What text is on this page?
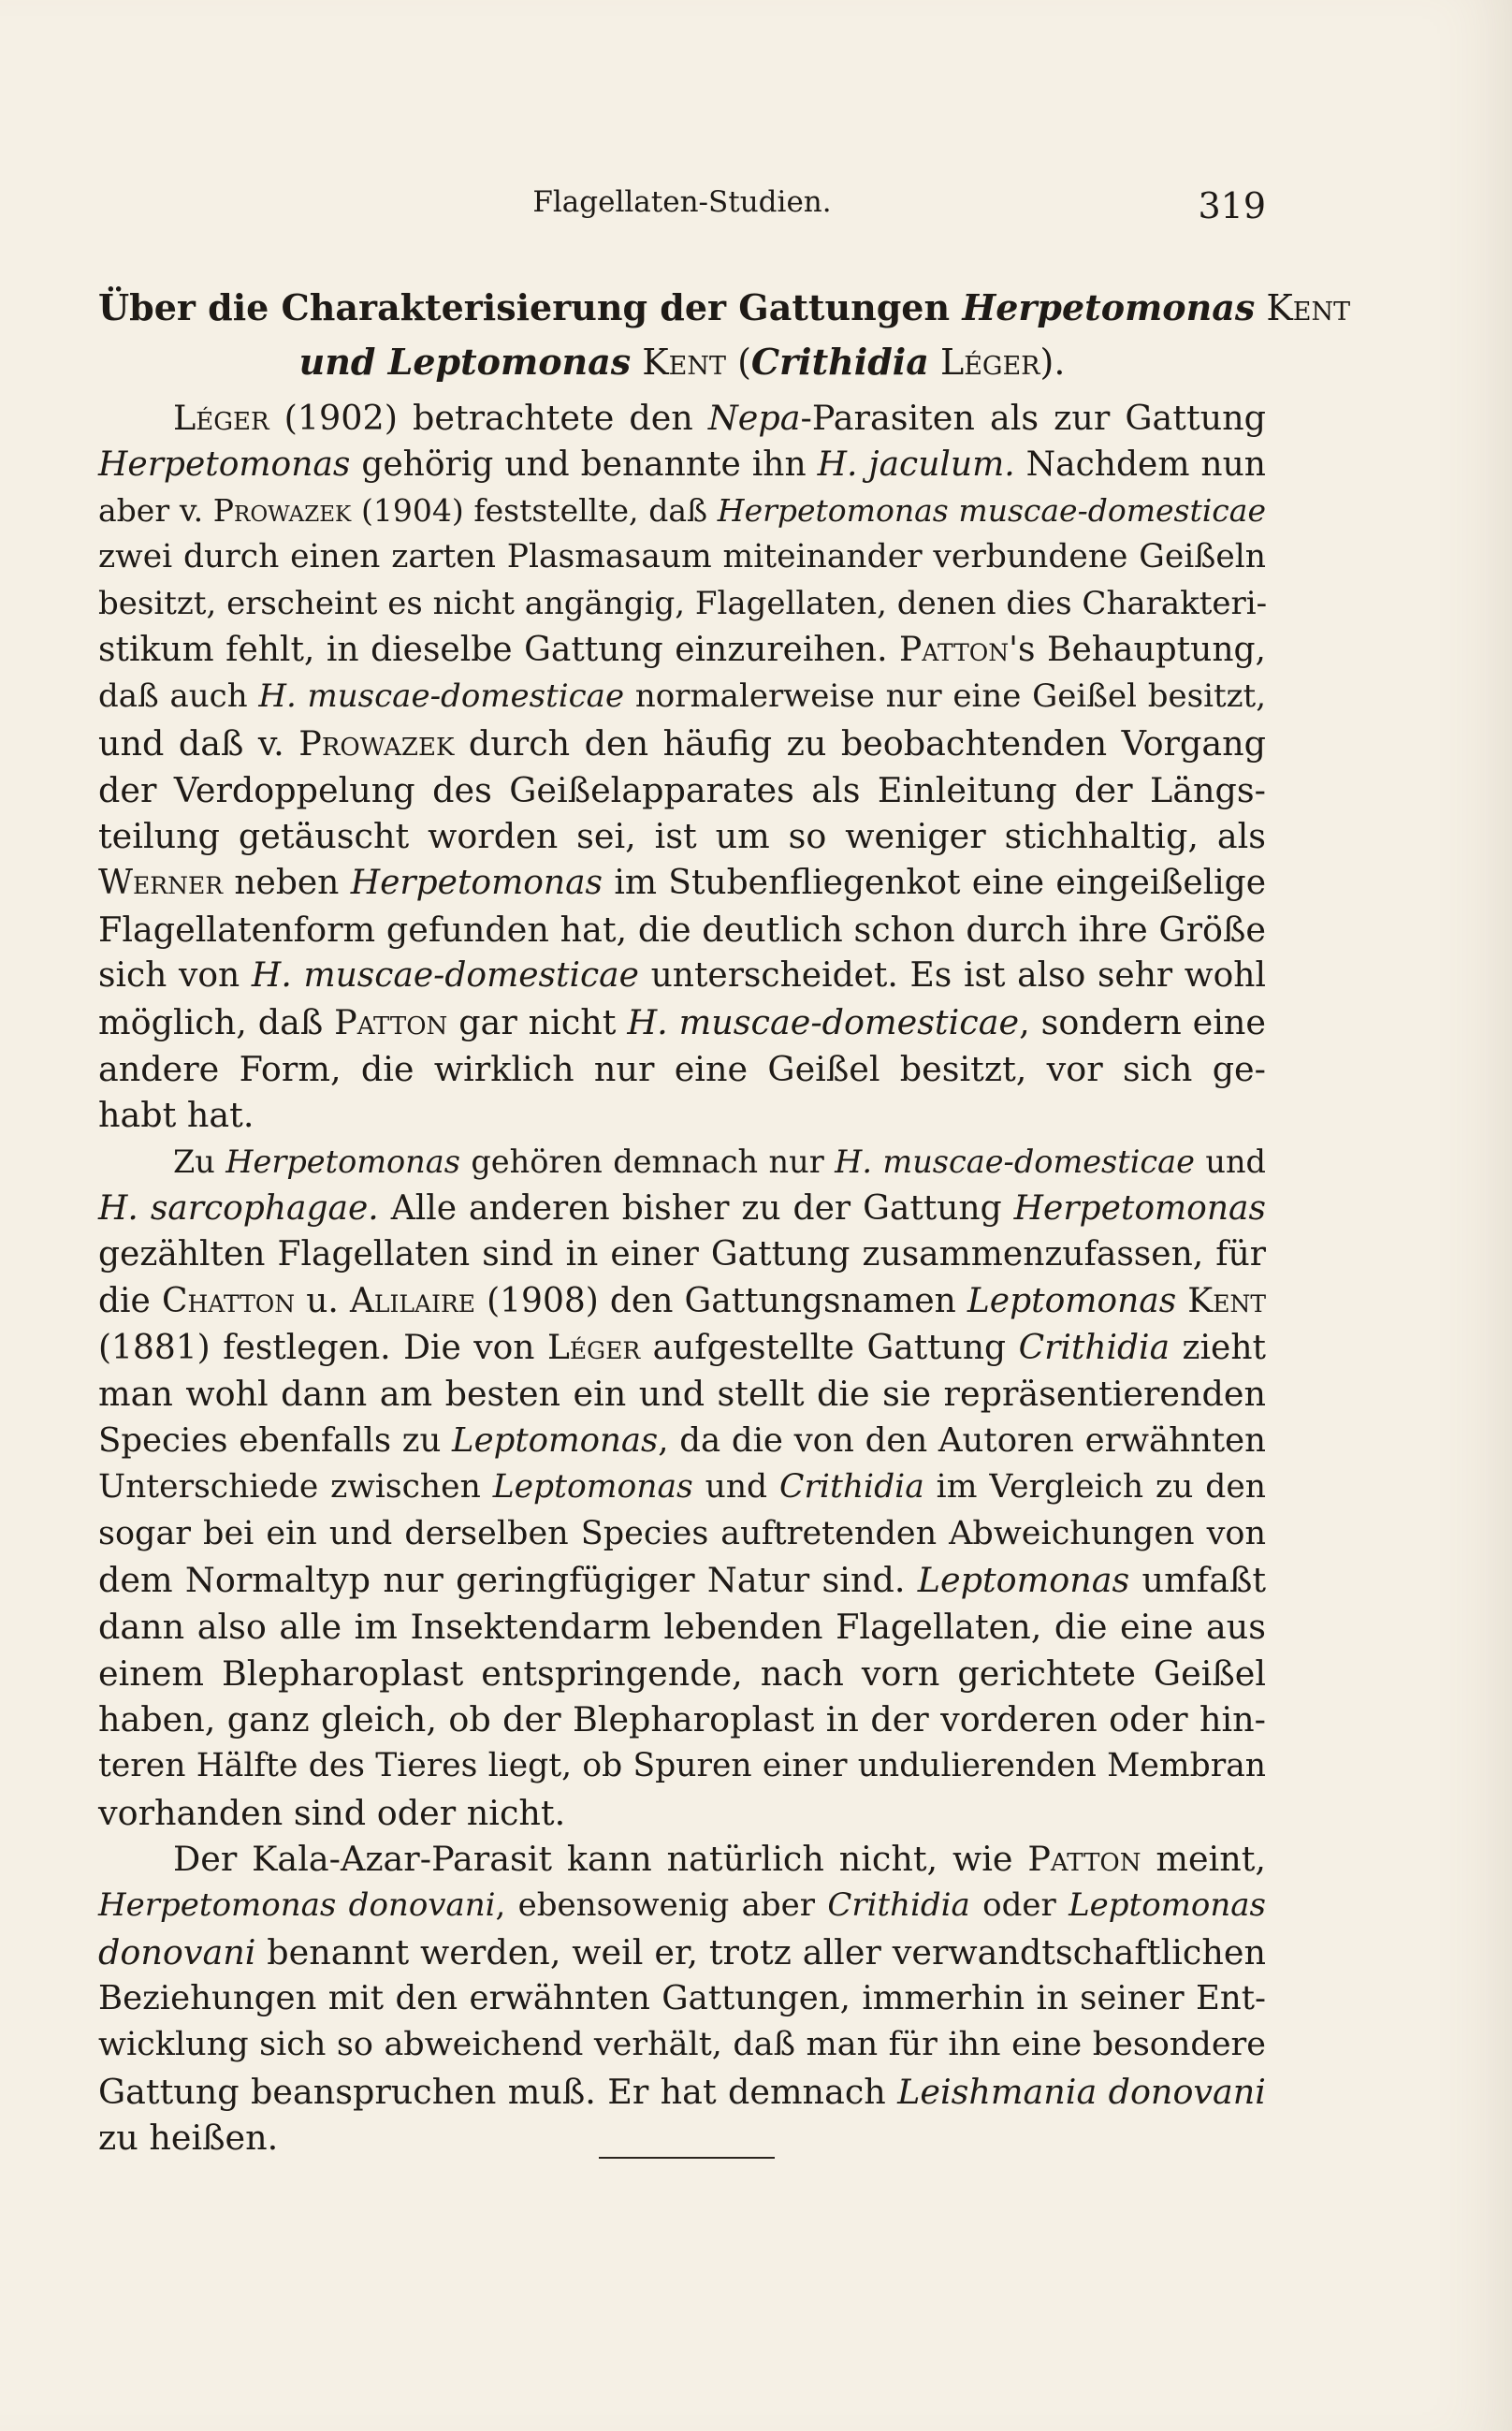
Flagellaten-Studien.	319
Über die Charakterisierung der Gattungen Herpetomonas Kent
und Leptomonas Kent (Crithidia Léger).
Léger (1902) betrachtete den Nepa-Parasiten als zur Gattung
Herpetomonas gehörig und benannte ihn H. jaculum. Nachdem nun
aber v. Prowazek (1904) feststellte, daß Herpetomonas muscae-domesticae
zwei durch einen zarten Plasmasaum miteinander verbundene Geißeln
besitzt, erscheint es nicht angängig, Flagellaten, denen dies Charakteri-
stikum fehlt, in dieselbe Gattung einzureihen. Patton's Behauptung,
daß auch H. muscae-domesticae normalerweise nur eine Geißel besitzt,
und daß v. Prowazek durch den häufig zu beobachtenden Vorgang
der Verdoppelung des Geißelapparates als Einleitung der Längs-
teilung getäuscht worden sei, ist um so weniger stichhaltig, als
Werner neben Herpetomonas im Stubenfliegenkot eine eingeißelige
Flagellatenform gefunden hat, die deutlich schon durch ihre Größe
sich von H. muscae-domesticae unterscheidet. Es ist also sehr wohl
möglich, daß Patton gar nicht H. muscae-domesticae, sondern eine
andere Form, die wirklich nur eine Geißel besitzt, vor sich ge-
habt hat.
Zu Herpetomonas gehören demnach nur H. muscae-domesticae und
H. sarcophagae. Alle anderen bisher zu der Gattung Herpetomonas
gezählten Flagellaten sind in einer Gattung zusammenzufassen, für
die Chatton u. Alilaire (1908) den Gattungsnamen Leptomonas Kent
(1881) festlegen. Die von Léger aufgestellte Gattung Crithidia zieht
man wohl dann am besten ein und stellt die sie repräsentierenden
Species ebenfalls zu Leptomonas, da die von den Autoren erwähnten
Unterschiede zwischen Leptomonas und Crithidia im Vergleich zu den
sogar bei ein und derselben Species auftretenden Abweichungen von
dem Normaltyp nur geringfügiger Natur sind. Leptomonas umfaßt
dann also alle im Insektendarm lebenden Flagellaten, die eine aus
einem Blepharoplast entspringende, nach vorn gerichtete Geißel
haben, ganz gleich, ob der Blepharoplast in der vorderen oder hin-
teren Hälfte des Tieres liegt, ob Spuren einer undulierenden Membran
vorhanden sind oder nicht.
Der Kala-Azar-Parasit kann natürlich nicht, wie Patton meint,
Herpetomonas donovani, ebensowenig aber Crithidia oder Leptomonas
donovani benannt werden, weil er, trotz aller verwandtschaftlichen
Beziehungen mit den erwähnten Gattungen, immerhin in seiner Ent-
wicklung sich so abweichend verhält, daß man für ihn eine besondere
Gattung beanspruchen muß. Er hat demnach Leishmania donovani
zu heißen.
